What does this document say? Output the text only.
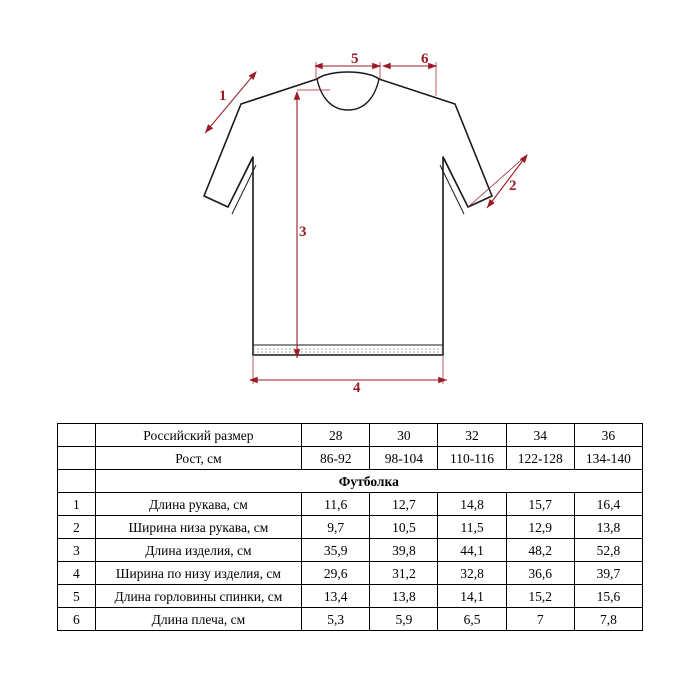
1
2
3
4
5	6
	Российский размер	28	30	32	34	36
	Рост, см	86-92	98-104	110-116	122-128	134-140
	Футболка					
1	Длина рукава, см	11,6	12,7	14,8	15,7	16,4
2	Ширина низа рукава, см	9,7	10,5	11,5	12,9	13,8
3	Длина изделия, см	35,9	39,8	44,1	48,2	52,8
4	Ширина по низу изделия, см	29,6	31,2	32,8	36,6	39,7
5	Длина горловины спинки, см	13,4	13,8	14,1	15,2	15,6
6	Длина плеча, см	5,3	5,9	6,5	7	7,8
